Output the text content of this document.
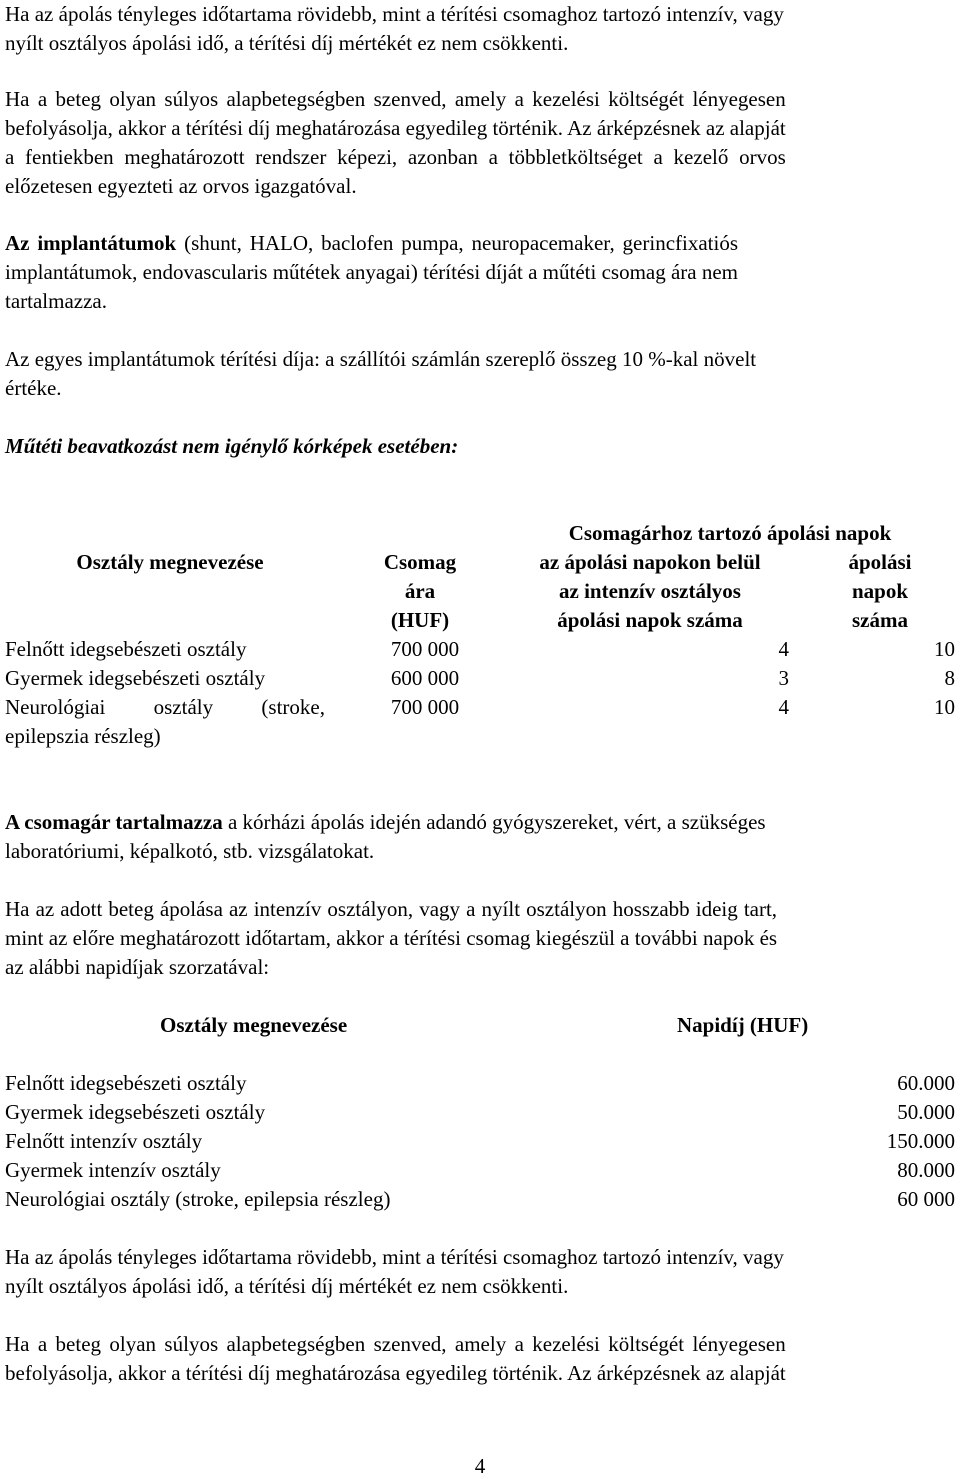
Ha az ápolás tényleges időtartama rövidebb, mint a térítési csomaghoz tartozó intenzív, vagy

nyílt osztályos ápolási idő, a térítési díj mértékét ez nem csökkenti.

Ha a beteg olyan súlyos alapbetegségben szenved, amely a kezelési költségét lényegesen

befolyásolja, akkor a térítési díj meghatározása egyedileg történik. Az árképzésnek az alapját

a fentiekben meghatározott rendszer képezi, azonban a többletköltséget a kezelő orvos

előzetesen egyezteti az orvos igazgatóval.

Az implantátumok (shunt, HALO, baclofen pumpa, neuropacemaker, gerincfixatiós

implantátumok, endovascularis műtétek anyagai) térítési díját a műtéti csomag ára nem

tartalmazza.

Az egyes implantátumok térítési díja: a szállítói számlán szereplő összeg 10 %-kal növelt

értéke.

Műtéti beavatkozást nem igénylő kórképek esetében:

Osztály megnevezése	Csomag
ára
(HUF)
Csomagárhoz tartozó ápolási napok
az ápolási napokon belül
az intenzív osztályos
ápolási napok száma
ápolási
napok
száma
Felnőtt idegsebészeti osztály	700 000	4	10
Gyermek idegsebészeti osztály	600 000	3	8
Neurológiai osztály (stroke,
epilepszia részleg)
700 000	4	10

A csomagár tartalmazza a kórházi ápolás idején adandó gyógyszereket, vért, a szükséges

laboratóriumi, képalkotó, stb. vizsgálatokat.

Ha az adott beteg ápolása az intenzív osztályon, vagy a nyílt osztályon hosszabb ideig tart,

mint az előre meghatározott időtartam, akkor a térítési csomag kiegészül a további napok és

az alábbi napidíjak szorzatával:

Osztály megnevezése	Napidíj (HUF)
Felnőtt idegsebészeti osztály	60.000
Gyermek idegsebészeti osztály	50.000
Felnőtt intenzív osztály	150.000
Gyermek intenzív osztály	80.000
Neurológiai osztály (stroke, epilepsia részleg)	60 000

Ha az ápolás tényleges időtartama rövidebb, mint a térítési csomaghoz tartozó intenzív, vagy

nyílt osztályos ápolási idő, a térítési díj mértékét ez nem csökkenti.

Ha a beteg olyan súlyos alapbetegségben szenved, amely a kezelési költségét lényegesen

befolyásolja, akkor a térítési díj meghatározása egyedileg történik. Az árképzésnek az alapját

4
